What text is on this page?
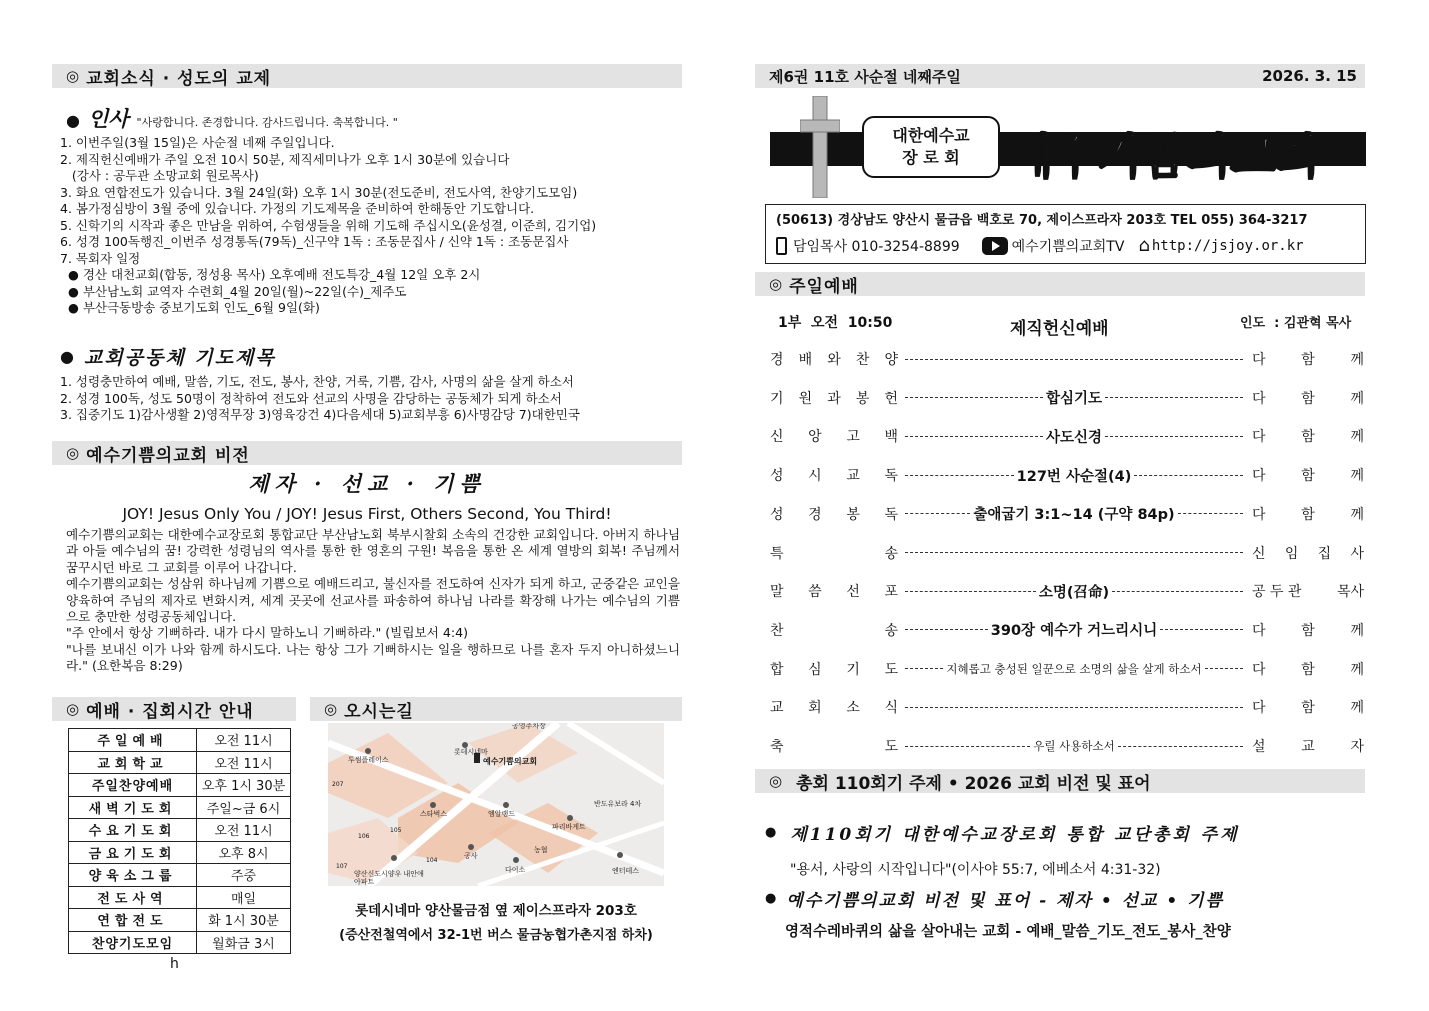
◎ 교회소식 · 성도의 교제
● 인사 "사랑합니다. 존경합니다. 감사드립니다. 축복합니다. "
1. 이번주일(3월 15일)은 사순절 네째 주일입니다.
2. 제직헌신예배가 주일 오전 10시 50분, 제직세미나가 오후 1시 30분에 있습니다
(강사 : 공두관 소망교회 원로목사)
3. 화요 연합전도가 있습니다. 3월 24일(화) 오후 1시 30분(전도준비, 전도사역, 찬양기도모임)
4. 봄가정심방이 3월 중에 있습니다. 가정의 기도제목을 준비하여 한해동안 기도합니다.
5. 신학기의 시작과 좋은 만남을 위하여, 수험생들을 위해 기도해 주십시오(윤성결, 이준희, 김기업)
6. 성경 100독행진_이번주 성경통독(79독)_신구약 1독 : 조동문집사 / 신약 1독 : 조동문집사
7. 목회자 일정
● 경산 대천교회(합동, 정성용 목사) 오후예배 전도특강_4월 12일 오후 2시
● 부산남노회 교역자 수련회_4월 20일(월)~22일(수)_제주도
● 부산극동방송 중보기도회 인도_6월 9일(화)
● 교회공동체 기도제목
1. 성령충만하여 예배, 말씀, 기도, 전도, 봉사, 찬양, 거룩, 기쁨, 감사, 사명의 삶을 살게 하소서
2. 성경 100독, 성도 50명이 정착하여 전도와 선교의 사명을 감당하는 공동체가 되게 하소서
3. 집중기도 1)감사생활 2)영적무장 3)영육강건 4)다음세대 5)교회부흥 6)사명감당 7)대한민국
◎ 예수기쁨의교회 비전
제자 · 선교 · 기쁨
JOY! Jesus Only You / JOY! Jesus First, Others Second, You Third!

예수기쁨의교회는 대한예수교장로회 통합교단 부산남노회 북부시찰회 소속의 건강한 교회입니다. 아버지 하나님과 아들 예수님의 꿈! 강력한 성령님의 역사를 통한 한 영혼의 구원! 복음을 통한 온 세계 열방의 회복! 주님께서 꿈꾸시던 바로 그 교회를 이루어 나갑니다.

예수기쁨의교회는 성삼위 하나님께 기쁨으로 예배드리고, 불신자를 전도하여 신자가 되게 하고, 군중같은 교인을 양육하여 주님의 제자로 변화시켜, 세계 곳곳에 선교사를 파송하여 하나님 나라를 확장해 나가는 예수님의 기쁨으로 충만한 성령공동체입니다.

"주 안에서 항상 기뻐하라. 내가 다시 말하노니 기뻐하라." (빌립보서 4:4)

"나를 보내신 이가 나와 함께 하시도다. 나는 항상 그가 기뻐하시는 일을 행하므로 나를 혼자 두지 아니하셨느니라." (요한복음 8:29)

◎ 예배 · 집회시간 안내
주일예배	오전 11시
교회학교	오전 11시
주일찬양예배	오후 1시 30분
새벽기도회	주일~금 6시
수요기도회	오전 11시
금요기도회	오후 8시
양육소그룹	주중
전도사역	매일
연합전도	화 1시 30분
찬양기도모임	월화금 3시
◎ 오시는길
공영주차장
롯데시네마
예수기쁨의교회
투썸플레이스
스타벅스	엠알랭드
파리바게트
반도유보라 4차
농협
공사
다이소	엔터테스
양산신도시양우 내안애아파트
105
104
106
107
207
롯데시네마 양산물금점 옆 제이스프라자 203호
(증산전철역에서 32-1번 버스 물금농협가촌지점 하차)
h
제6권 11호 사순절 네째주일	2026. 3. 15
대한예수교
장 로 회 예수기쁨의교회
(50613) 경상남도 양산시 물금읍 백호로 70, 제이스프라자 203호 TEL 055) 364-3217
담임목사 010-3254-8899	예수기쁨의교회TV ⌂ http://jsjoy.or.kr
◎ 주일예배
1부  오전  10:50	제직헌신예배	인도  : 김관혁 목사
경 배 와 찬 양	다	함	께
기 원 과 봉 헌	합심기도	다	함	께
신 앙 고 백	사도신경	다	함	께
성 시 교 독	127번 사순절(4)	다	함	께
성 경 봉 독	출애굽기 3:1~14 (구약 84p)	다	함	께
특	송	신 임 집 사
말 씀 선 포	소명(召命)	공 두 관	목사
찬	송	390장 예수가 거느리시니	다	함	께
합 심 기 도	지혜롭고 충성된 일꾼으로 소명의 삶을 살게 하소서	다	함	께
교 회 소 식	다	함	께
축	도	우릴 사용하소서	설	교	자
◎ 총회 110회기 주제 • 2026 교회 비전 및 표어
● 제110회기 대한예수교장로회 통합 교단총회 주제
"용서, 사랑의 시작입니다"(이사야 55:7, 에베소서 4:31-32)
● 예수기쁨의교회 비전 및 표어 - 제자 • 선교 • 기쁨
영적수레바퀴의 삶을 살아내는 교회 - 예배_말씀_기도_전도_봉사_찬양
